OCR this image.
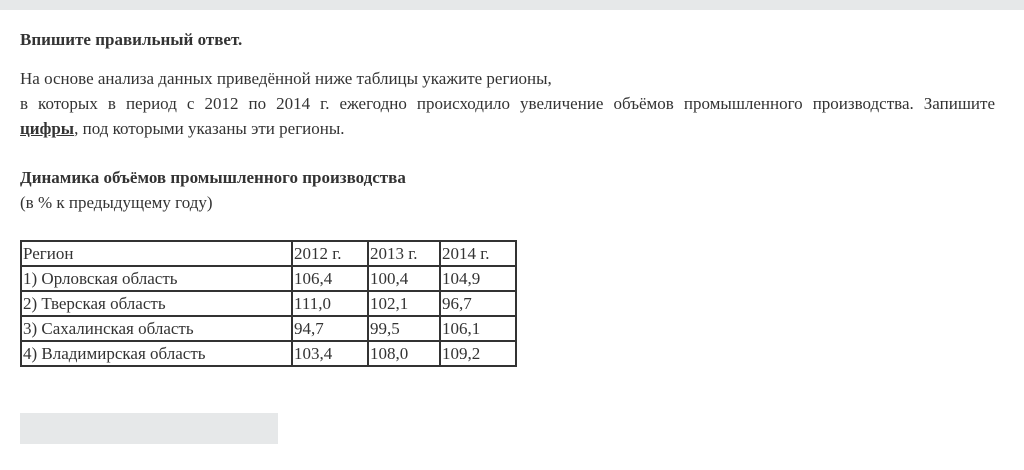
Впишите правильный ответ.

На основе анализа данных приведённой ниже таблицы укажите регионы,
в которых в период с 2012 по 2014 г. ежегодно происходило увеличение объёмов промышленного производства. Запишите
цифры, под которыми указаны эти регионы.

Динамика объёмов промышленного производства

(в % к предыдущему году)

Регион	2012 г.	2013 г.	2014 г.
1) Орловская область	106,4	100,4	104,9
2) Тверская область	111,0	102,1	96,7
3) Сахалинская область	94,7	99,5	106,1
4) Владимирская область	103,4	108,0	109,2
